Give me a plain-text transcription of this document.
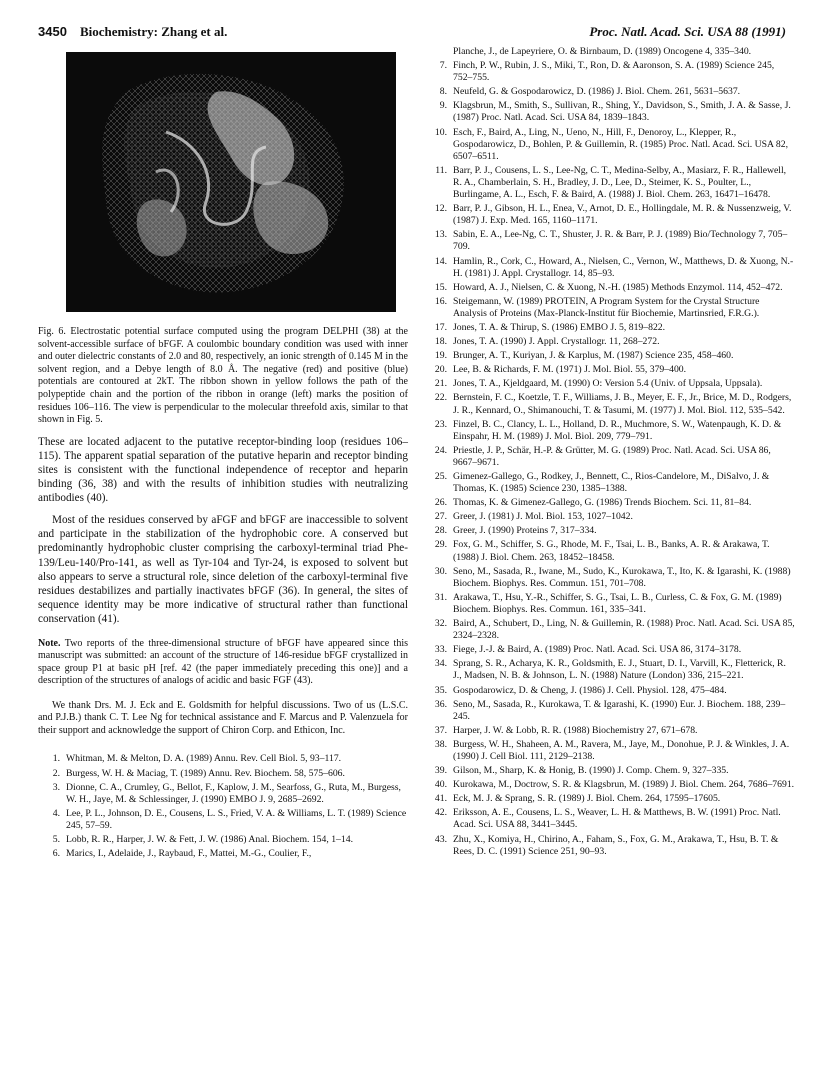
3450 Biochemistry: Zhang et al.	Proc. Natl. Acad. Sci. USA 88 (1991)
Fig. 6. Electrostatic potential surface computed using the program DELPHI (38) at the solvent-accessible surface of bFGF. A coulombic boundary condition was used with inner and outer dielectric constants of 2.0 and 80, respectively, an ionic strength of 0.145 M in the solvent region, and a Debye length of 8.0 Å. The negative (red) and positive (blue) potentials are contoured at 2kT. The ribbon shown in yellow follows the path of the polypeptide chain and the portion of the ribbon in orange (left) marks the position of residues 106–116. The view is perpendicular to the molecular threefold axis, similar to that shown in Fig. 5.

These are located adjacent to the putative receptor-binding loop (residues 106–115). The apparent spatial separation of the putative heparin and receptor binding sites is consistent with the functional independence of receptor and heparin binding (36, 38) and with the results of inhibition studies with neutralizing antibodies (40).

Most of the residues conserved by aFGF and bFGF are inaccessible to solvent and participate in the stabilization of the hydrophobic core. A conserved but predominantly hydrophobic cluster comprising the carboxyl-terminal triad Phe-139/Leu-140/Pro-141, as well as Tyr-104 and Tyr-24, is exposed to solvent but also appears to serve a structural role, since deletion of the carboxyl-terminal five residues destabilizes and partially inactivates bFGF (36). In general, the sites of sequence identity may be more indicative of structural rather than functional conservation (41).

Note. Two reports of the three-dimensional structure of bFGF have appeared since this manuscript was submitted: an account of the structure of 146-residue bFGF crystallized in space group P1 at basic pH [ref. 42 (the paper immediately preceding this one)] and a description of the structures of analogs of acidic and basic FGF (43).
We thank Drs. M. J. Eck and E. Goldsmith for helpful discussions. Two of us (L.S.C. and P.J.B.) thank C. T. Lee Ng for technical assistance and F. Marcus and P. Valenzuela for their support and acknowledge the support of Chiron Corp. and Ethicon, Inc.
1. Whitman, M. & Melton, D. A. (1989) Annu. Rev. Cell Biol. 5, 93–117.
2. Burgess, W. H. & Maciag, T. (1989) Annu. Rev. Biochem. 58, 575–606.
3. Dionne, C. A., Crumley, G., Bellot, F., Kaplow, J. M., Searfoss, G., Ruta, M., Burgess, W. H., Jaye, M. & Schlessinger, J. (1990) EMBO J. 9, 2685–2692.
4. Lee, P. L., Johnson, D. E., Cousens, L. S., Fried, V. A. & Williams, L. T. (1989) Science 245, 57–59.
5. Lobb, R. R., Harper, J. W. & Fett, J. W. (1986) Anal. Biochem. 154, 1–14.
6. Marics, I., Adelaide, J., Raybaud, F., Mattei, M.-G., Coulier, F.,
Planche, J., de Lapeyriere, O. & Birnbaum, D. (1989) Oncogene 4, 335–340.
7. Finch, P. W., Rubin, J. S., Miki, T., Ron, D. & Aaronson, S. A. (1989) Science 245, 752–755.
8. Neufeld, G. & Gospodarowicz, D. (1986) J. Biol. Chem. 261, 5631–5637.
9. Klagsbrun, M., Smith, S., Sullivan, R., Shing, Y., Davidson, S., Smith, J. A. & Sasse, J. (1987) Proc. Natl. Acad. Sci. USA 84, 1839–1843.
10. Esch, F., Baird, A., Ling, N., Ueno, N., Hill, F., Denoroy, L., Klepper, R., Gospodarowicz, D., Bohlen, P. & Guillemin, R. (1985) Proc. Natl. Acad. Sci. USA 82, 6507–6511.
11. Barr, P. J., Cousens, L. S., Lee-Ng, C. T., Medina-Selby, A., Masiarz, F. R., Hallewell, R. A., Chamberlain, S. H., Bradley, J. D., Lee, D., Steimer, K. S., Poulter, L., Burlingame, A. L., Esch, F. & Baird, A. (1988) J. Biol. Chem. 263, 16471–16478.
12. Barr, P. J., Gibson, H. L., Enea, V., Arnot, D. E., Hollingdale, M. R. & Nussenzweig, V. (1987) J. Exp. Med. 165, 1160–1171.
13. Sabin, E. A., Lee-Ng, C. T., Shuster, J. R. & Barr, P. J. (1989) Bio/Technology 7, 705–709.
14. Hamlin, R., Cork, C., Howard, A., Nielsen, C., Vernon, W., Matthews, D. & Xuong, N.-H. (1981) J. Appl. Crystallogr. 14, 85–93.
15. Howard, A. J., Nielsen, C. & Xuong, N.-H. (1985) Methods Enzymol. 114, 452–472.
16. Steigemann, W. (1989) PROTEIN, A Program System for the Crystal Structure Analysis of Proteins (Max-Planck-Institut für Biochemie, Martinsried, F.R.G.).
17. Jones, T. A. & Thirup, S. (1986) EMBO J. 5, 819–822.
18. Jones, T. A. (1990) J. Appl. Crystallogr. 11, 268–272.
19. Brunger, A. T., Kuriyan, J. & Karplus, M. (1987) Science 235, 458–460.
20. Lee, B. & Richards, F. M. (1971) J. Mol. Biol. 55, 379–400.
21. Jones, T. A., Kjeldgaard, M. (1990) O: Version 5.4 (Univ. of Uppsala, Uppsala).
22. Bernstein, F. C., Koetzle, T. F., Williams, J. B., Meyer, E. F., Jr., Brice, M. D., Rodgers, J. R., Kennard, O., Shimanouchi, T. & Tasumi, M. (1977) J. Mol. Biol. 112, 535–542.
23. Finzel, B. C., Clancy, L. L., Holland, D. R., Muchmore, S. W., Watenpaugh, K. D. & Einspahr, H. M. (1989) J. Mol. Biol. 209, 779–791.
24. Priestle, J. P., Schär, H.-P. & Grütter, M. G. (1989) Proc. Natl. Acad. Sci. USA 86, 9667–9671.
25. Gimenez-Gallego, G., Rodkey, J., Bennett, C., Rios-Candelore, M., DiSalvo, J. & Thomas, K. (1985) Science 230, 1385–1388.
26. Thomas, K. & Gimenez-Gallego, G. (1986) Trends Biochem. Sci. 11, 81–84.
27. Greer, J. (1981) J. Mol. Biol. 153, 1027–1042.
28. Greer, J. (1990) Proteins 7, 317–334.
29. Fox, G. M., Schiffer, S. G., Rhode, M. F., Tsai, L. B., Banks, A. R. & Arakawa, T. (1988) J. Biol. Chem. 263, 18452–18458.
30. Seno, M., Sasada, R., Iwane, M., Sudo, K., Kurokawa, T., Ito, K. & Igarashi, K. (1988) Biochem. Biophys. Res. Commun. 151, 701–708.
31. Arakawa, T., Hsu, Y.-R., Schiffer, S. G., Tsai, L. B., Curless, C. & Fox, G. M. (1989) Biochem. Biophys. Res. Commun. 161, 335–341.
32. Baird, A., Schubert, D., Ling, N. & Guillemin, R. (1988) Proc. Natl. Acad. Sci. USA 85, 2324–2328.
33. Fiege, J.-J. & Baird, A. (1989) Proc. Natl. Acad. Sci. USA 86, 3174–3178.
34. Sprang, S. R., Acharya, K. R., Goldsmith, E. J., Stuart, D. I., Varvill, K., Fletterick, R. J., Madsen, N. B. & Johnson, L. N. (1988) Nature (London) 336, 215–221.
35. Gospodarowicz, D. & Cheng, J. (1986) J. Cell. Physiol. 128, 475–484.
36. Seno, M., Sasada, R., Kurokawa, T. & Igarashi, K. (1990) Eur. J. Biochem. 188, 239–245.
37. Harper, J. W. & Lobb, R. R. (1988) Biochemistry 27, 671–678.
38. Burgess, W. H., Shaheen, A. M., Ravera, M., Jaye, M., Donohue, P. J. & Winkles, J. A. (1990) J. Cell Biol. 111, 2129–2138.
39. Gilson, M., Sharp, K. & Honig, B. (1990) J. Comp. Chem. 9, 327–335.
40. Kurokawa, M., Doctrow, S. R. & Klagsbrun, M. (1989) J. Biol. Chem. 264, 7686–7691.
41. Eck, M. J. & Sprang, S. R. (1989) J. Biol. Chem. 264, 17595–17605.
42. Eriksson, A. E., Cousens, L. S., Weaver, L. H. & Matthews, B. W. (1991) Proc. Natl. Acad. Sci. USA 88, 3441–3445.
43. Zhu, X., Komiya, H., Chirino, A., Faham, S., Fox, G. M., Arakawa, T., Hsu, B. T. & Rees, D. C. (1991) Science 251, 90–93.
